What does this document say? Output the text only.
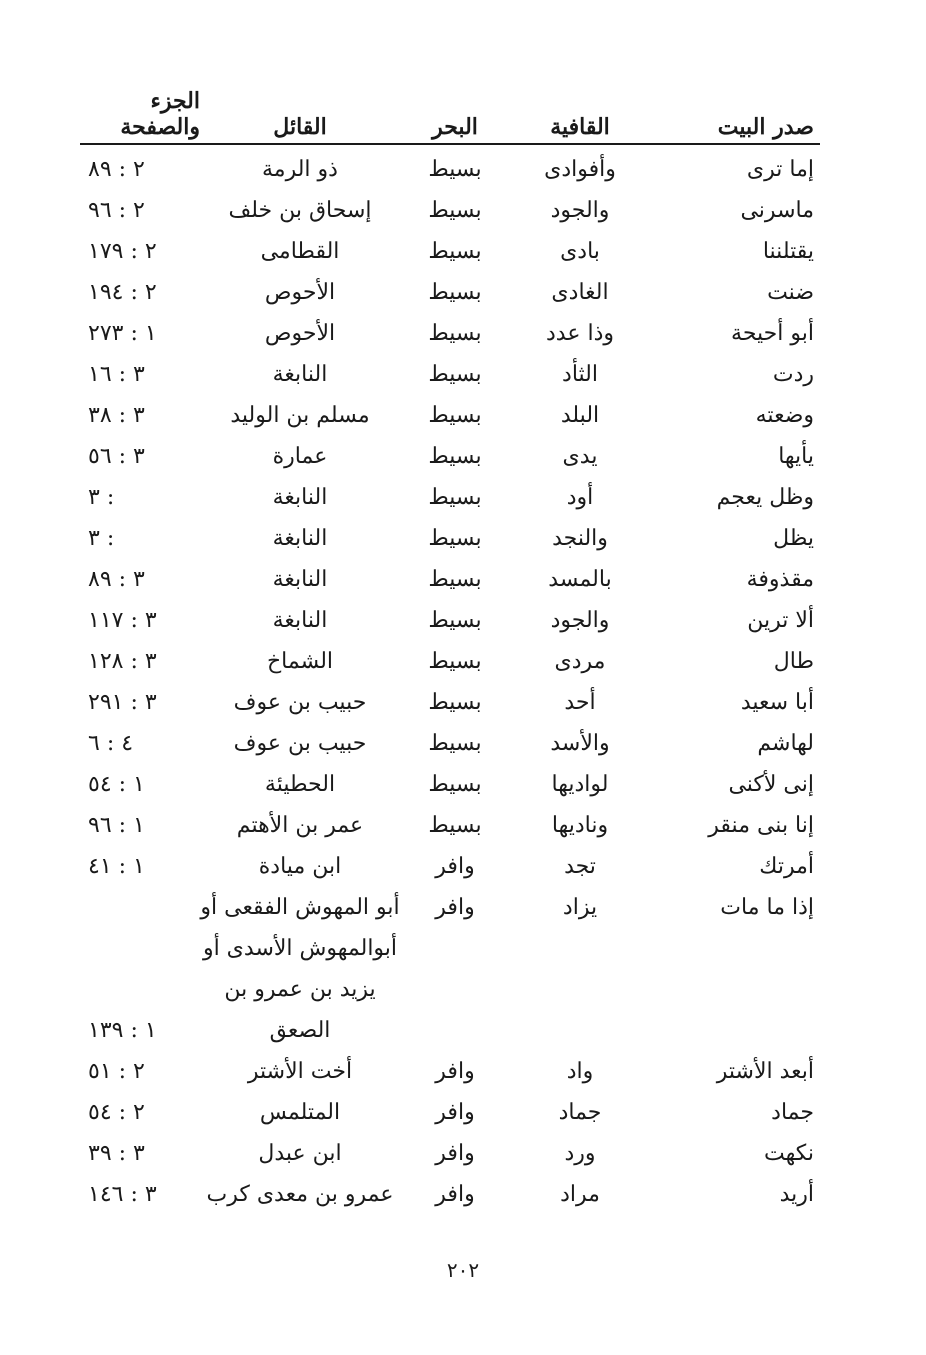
صدر البيت
القافية
البحر
القائل
الجزء والصفحة
إما ترى
وأفوادى
بسيط
ذو الرمة
٢ : ٨٩
ماسرنى
والجود
بسيط
إسحاق بن خلف
٢ : ٩٦
يقتلننا
بادى
بسيط
القطامى
٢ : ١٧٩
ضنت
الغادى
بسيط
الأحوص
٢ : ١٩٤
أبو أحيحة
وذا عدد
بسيط
الأحوص
١ : ٢٧٣
ردت
الثأد
بسيط
النابغة
٣ : ١٦
وضعته
البلد
بسيط
مسلم بن الوليد
٣ : ٣٨
يأيها
يدى
بسيط
عمارة
٣ : ٥٦
وظل يعجم
أود
بسيط
النابغة
٣ :
يظل
والنجد
بسيط
النابغة
٣ :
مقذوفة
بالمسد
بسيط
النابغة
٣ : ٨٩
ألا ترين
والجود
بسيط
النابغة
٣ : ١١٧
طال
مردى
بسيط
الشماخ
٣ : ١٢٨
أبا سعيد
أحد
بسيط
حبيب بن عوف
٣ : ٢٩١
لهاشم
والأسد
بسيط
حبيب بن عوف
٤ : ٦
إنى لأكنى
لواديها
بسيط
الحطيئة
١ : ٥٤
إنا بنى منقر
وناديها
بسيط
عمر بن الأهتم
١ : ٩٦
أمرتك
تجد
وافر
ابن ميادة
١ : ٤١
إذا ما مات
يزاد
وافر
أبو المهوش الفقعى أو
أبوالمهوش الأسدى أو
يزيد بن عمرو بن
الصعق
١ : ١٣٩
أبعد الأشتر
واد
وافر
أخت الأشتر
٢ : ٥١
جماد
جماد
وافر
المتلمس
٢ : ٥٤
نكهت
ورد
وافر
ابن عبدل
٣ : ٣٩
أريد
مراد
وافر
عمرو بن معدى كرب
٣ : ١٤٦
٢٠٢
